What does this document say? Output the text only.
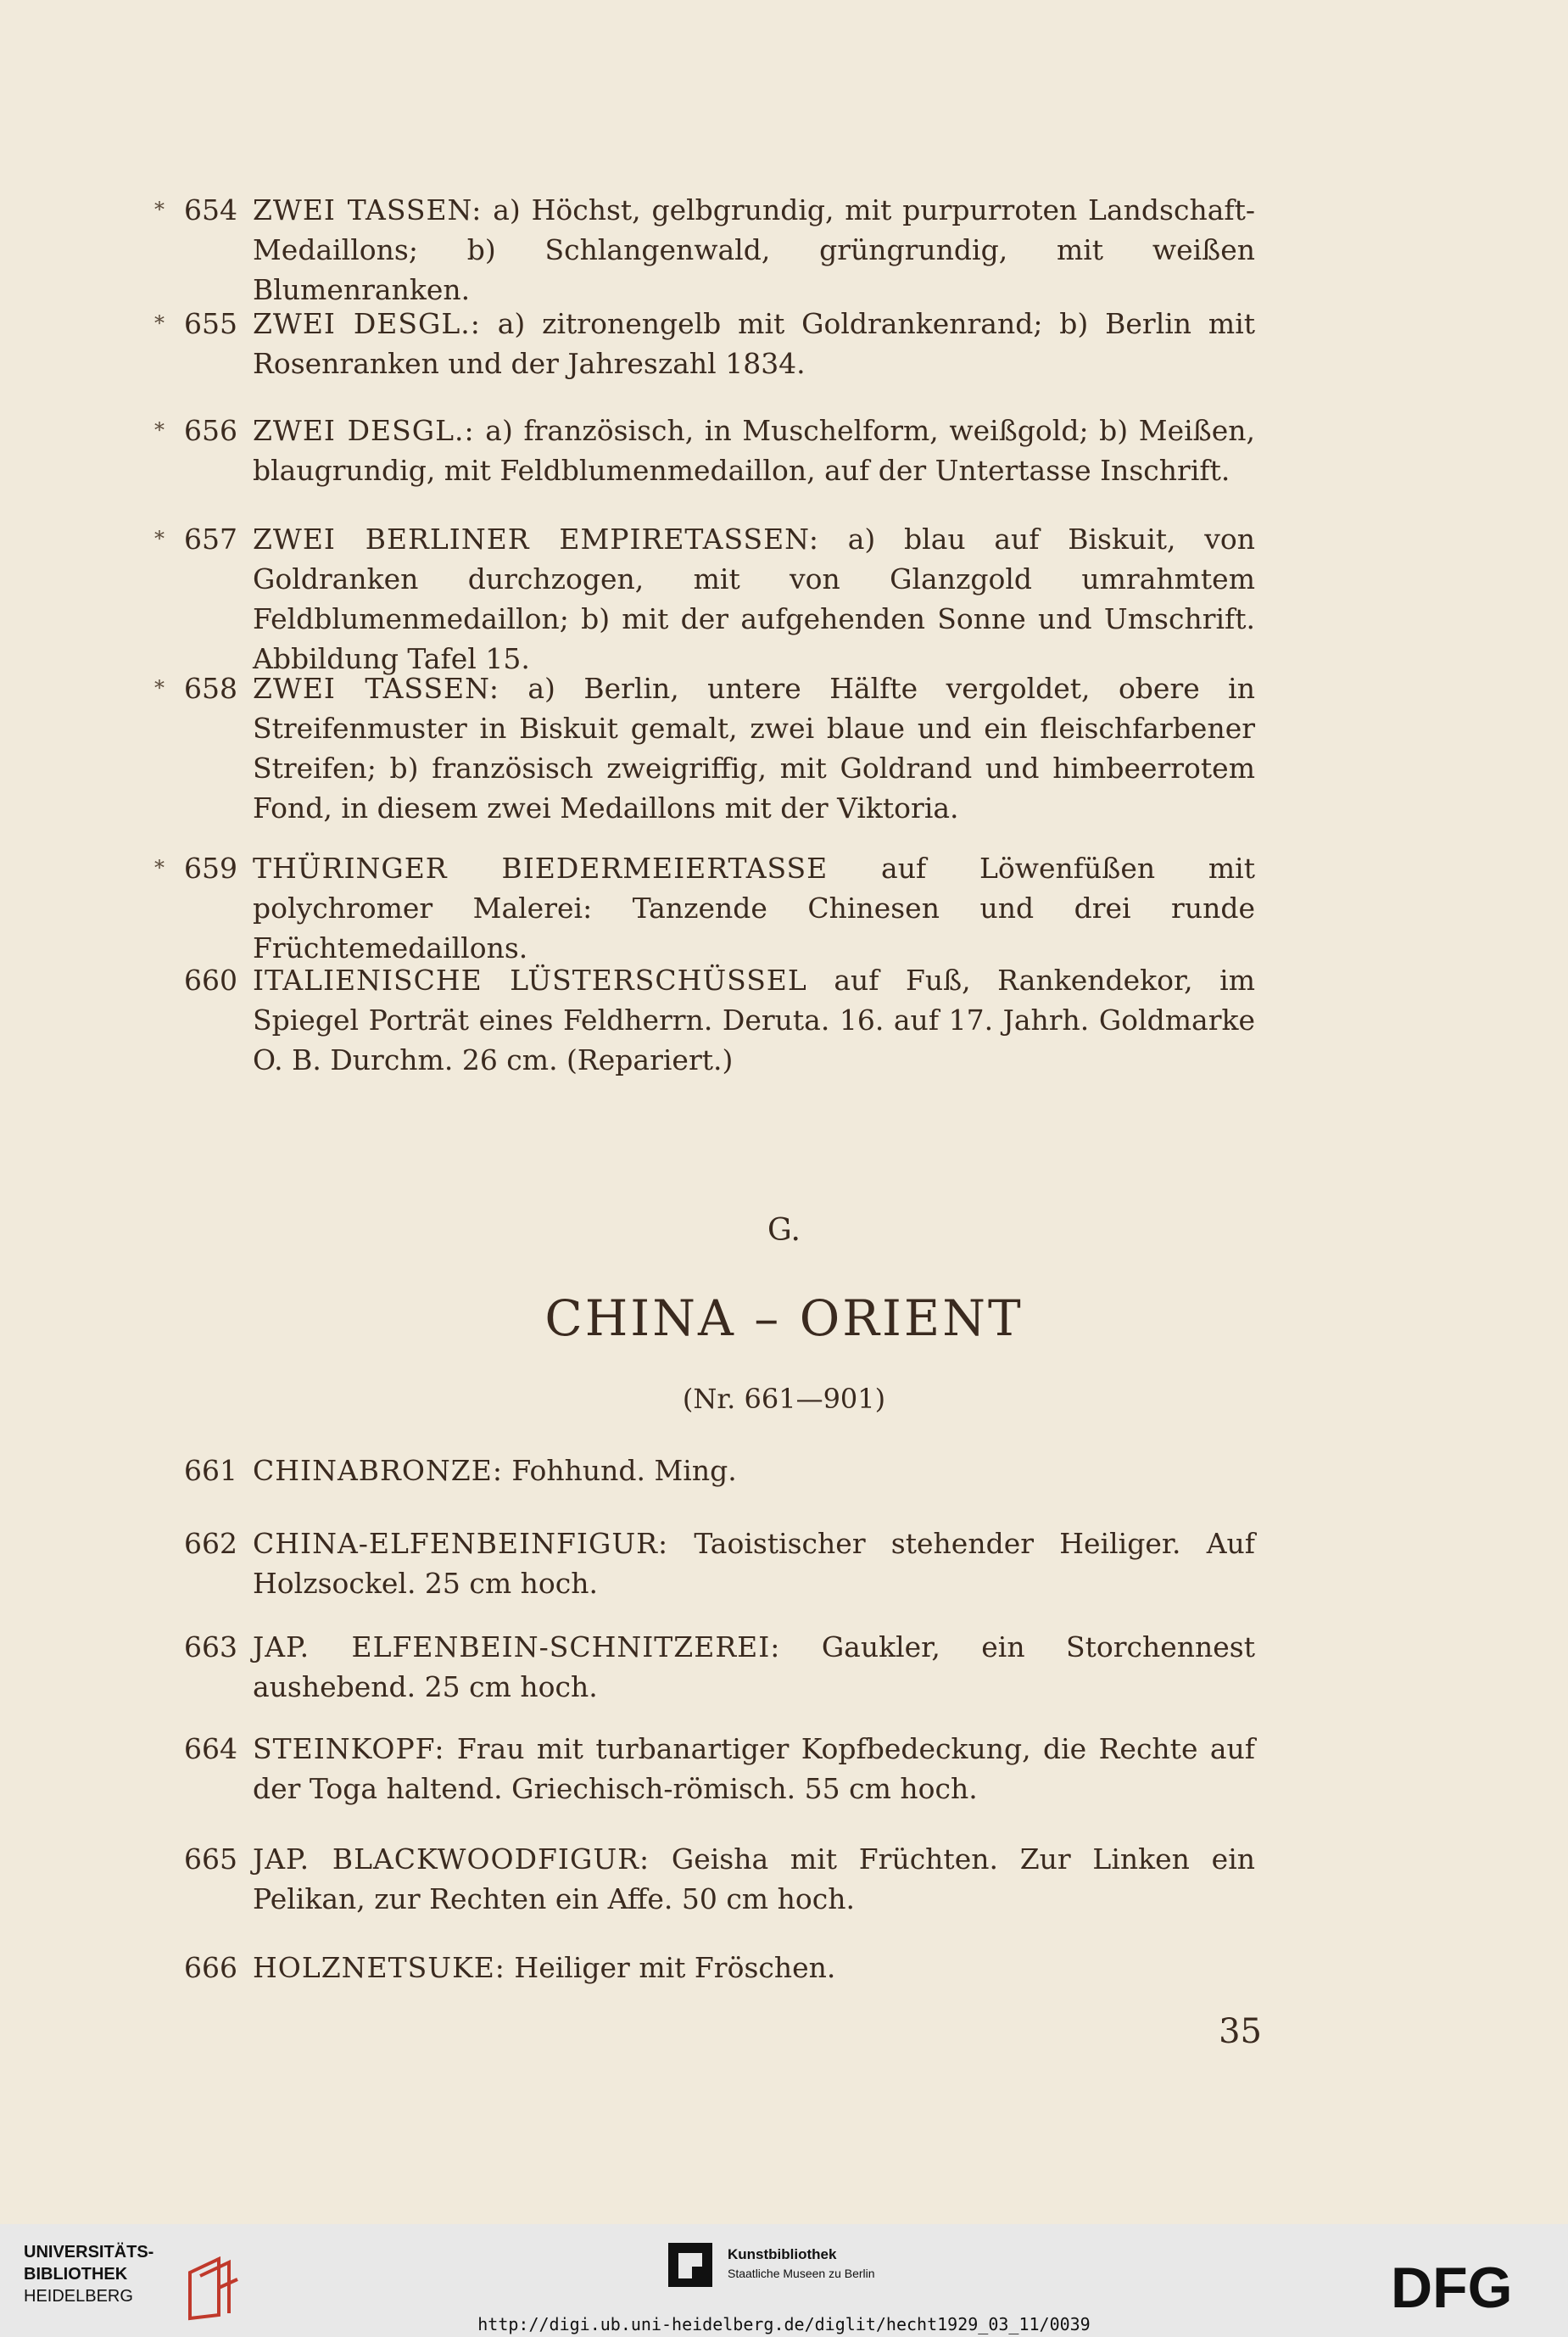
* 654 ZWEI TASSEN: a) Höchst, gelbgrundig, mit purpurroten Landschaft-Medaillons; b) Schlangenwald, grüngrundig, mit weißen Blumenranken.
* 655 ZWEI DESGL.: a) zitronengelb mit Goldrankenrand; b) Berlin mit Rosenranken und der Jahreszahl 1834.
* 656 ZWEI DESGL.: a) französisch, in Muschelform, weißgold; b) Meißen, blaugrundig, mit Feldblumenmedaillon, auf der Untertasse Inschrift.
* 657 ZWEI BERLINER EMPIRETASSEN: a) blau auf Biskuit, von Goldranken durchzogen, mit von Glanzgold umrahmtem Feldblumenmedaillon; b) mit der aufgehenden Sonne und Umschrift. Abbildung Tafel 15.
* 658 ZWEI TASSEN: a) Berlin, untere Hälfte vergoldet, obere in Streifenmuster in Biskuit gemalt, zwei blaue und ein fleischfarbener Streifen; b) französisch zweigriffig, mit Goldrand und himbeerrotem Fond, in diesem zwei Medaillons mit der Viktoria.
* 659 THÜRINGER BIEDERMEIERTASSE auf Löwenfüßen mit polychromer Malerei: Tanzende Chinesen und drei runde Früchtemedaillons.
660 ITALIENISCHE LÜSTERSCHÜSSEL auf Fuß, Rankendekor, im Spiegel Porträt eines Feldherrn. Deruta. 16. auf 17. Jahrh. Goldmarke O. B. Durchm. 26 cm. (Repariert.)
G.
CHINA – ORIENT
(Nr. 661—901)
661 CHINABRONZE: Fohhund. Ming.
662 CHINA-ELFENBEINFIGUR: Taoistischer stehender Heiliger. Auf Holzsockel. 25 cm hoch.
663 JAP. ELFENBEIN-SCHNITZEREI: Gaukler, ein Storchennest aushebend. 25 cm hoch.
664 STEINKOPF: Frau mit turbanartiger Kopfbedeckung, die Rechte auf der Toga haltend. Griechisch-römisch. 55 cm hoch.
665 JAP. BLACKWOODFIGUR: Geisha mit Früchten. Zur Linken ein Pelikan, zur Rechten ein Affe. 50 cm hoch.
666 HOLZNETSUKE: Heiliger mit Fröschen.
35
UNIVERSITÄTS-
BIBLIOTHEK
HEIDELBERG
Kunstbibliothek
Staatliche Museen zu Berlin	DFG
http://digi.ub.uni-heidelberg.de/diglit/hecht1929_03_11/0039
